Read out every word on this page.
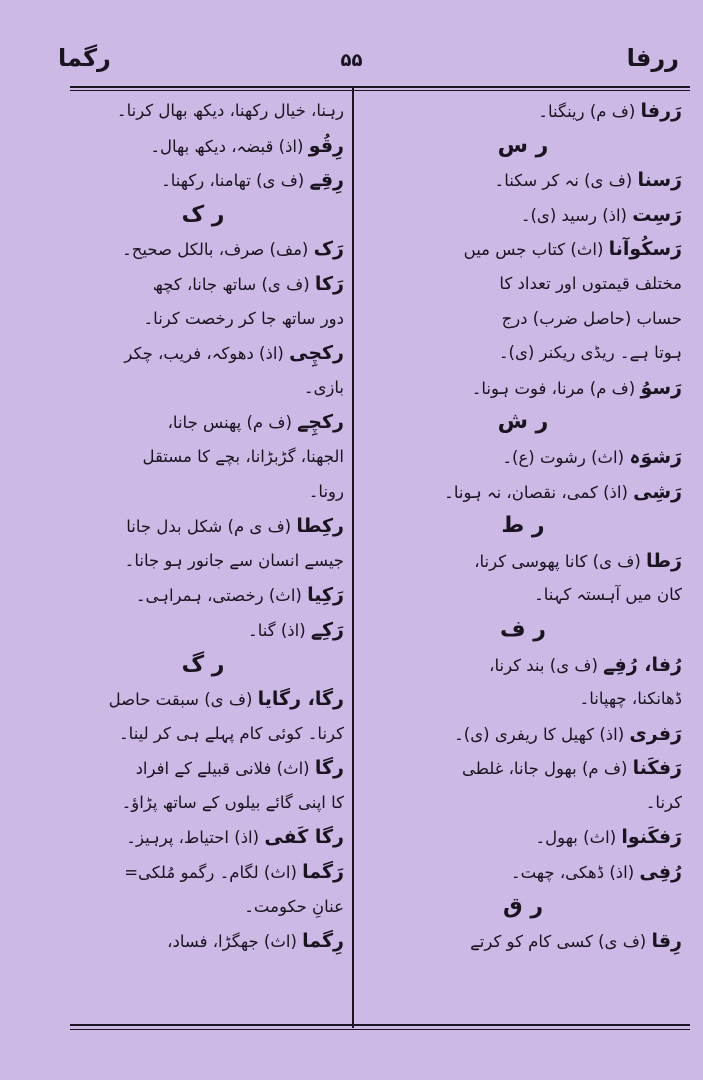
ررفا
۵۵
رگما
رَرفا (ف م) رینگنا۔
ر س
رَسنا (ف ی) نہ کر سکنا۔
رَسِت (اذ) رسید (ی)۔
رَسکُوآنا (اث) کتاب جس میں
مختلف قیمتوں اور تعداد کا
حساب (حاصل ضرب) درج
ہوتا ہے۔ ریڈی ریکنر (ی)۔
رَسوُ (ف م) مرنا، فوت ہونا۔
ر ش
رَشوَہ (اث) رشوت (ع)۔
رَشِی (اذ) کمی، نقصان، نہ ہونا۔
ر ط
رَطا (ف ی) کانا پھوسی کرنا،
کان میں آہستہ کہنا۔
ر ف
رُفا، رُفِے (ف ی) بند کرنا،
ڈھانکنا، چھپانا۔
رَفری (اذ) کھیل کا ریفری (ی)۔
رَفکَنا (ف م) بھول جانا، غلطی
کرنا۔
رَفکَنوا (اث) بھول۔
رُفِی (اذ) ڈھکی، چھت۔
ر ق
رِقا (ف ی) کسی کام کو کرتے
رہنا، خیال رکھنا، دیکھ بھال کرنا۔
رِقُو (اذ) قبضہ، دیکھ بھال۔
رِقِے (ف ی) تھامنا، رکھنا۔
ر ک
رَک (مف) صرف، بالکل صحیح۔
رَکا (ف ی) ساتھ جانا، کچھ
دور ساتھ جا کر رخصت کرنا۔
رکچِی (اذ) دھوکہ، فریب، چکر
بازی۔
رکچِے (ف م) پھنس جانا،
الجھنا، گڑبڑانا، بچے کا مستقل
رونا۔
رکِطا (ف ی م) شکل بدل جانا
جیسے انسان سے جانور ہو جانا۔
رَکِیا (اث) رخصتی، ہمراہی۔
رَکِے (اذ) گنا۔
ر گ
رگا، رگایا (ف ی) سبقت حاصل
کرنا۔ کوئی کام پہلے ہی کر لینا۔
رگا (اث) فلانی قبیلے کے افراد
کا اپنی گائے بیلوں کے ساتھ پڑاؤ۔
رگا کَفی (اذ) احتیاط، پرہیز۔
رَگما (اث) لگام۔ رگمو مُلکی=
عنانِ حکومت۔
رِگما (اث) جھگڑا، فساد،
